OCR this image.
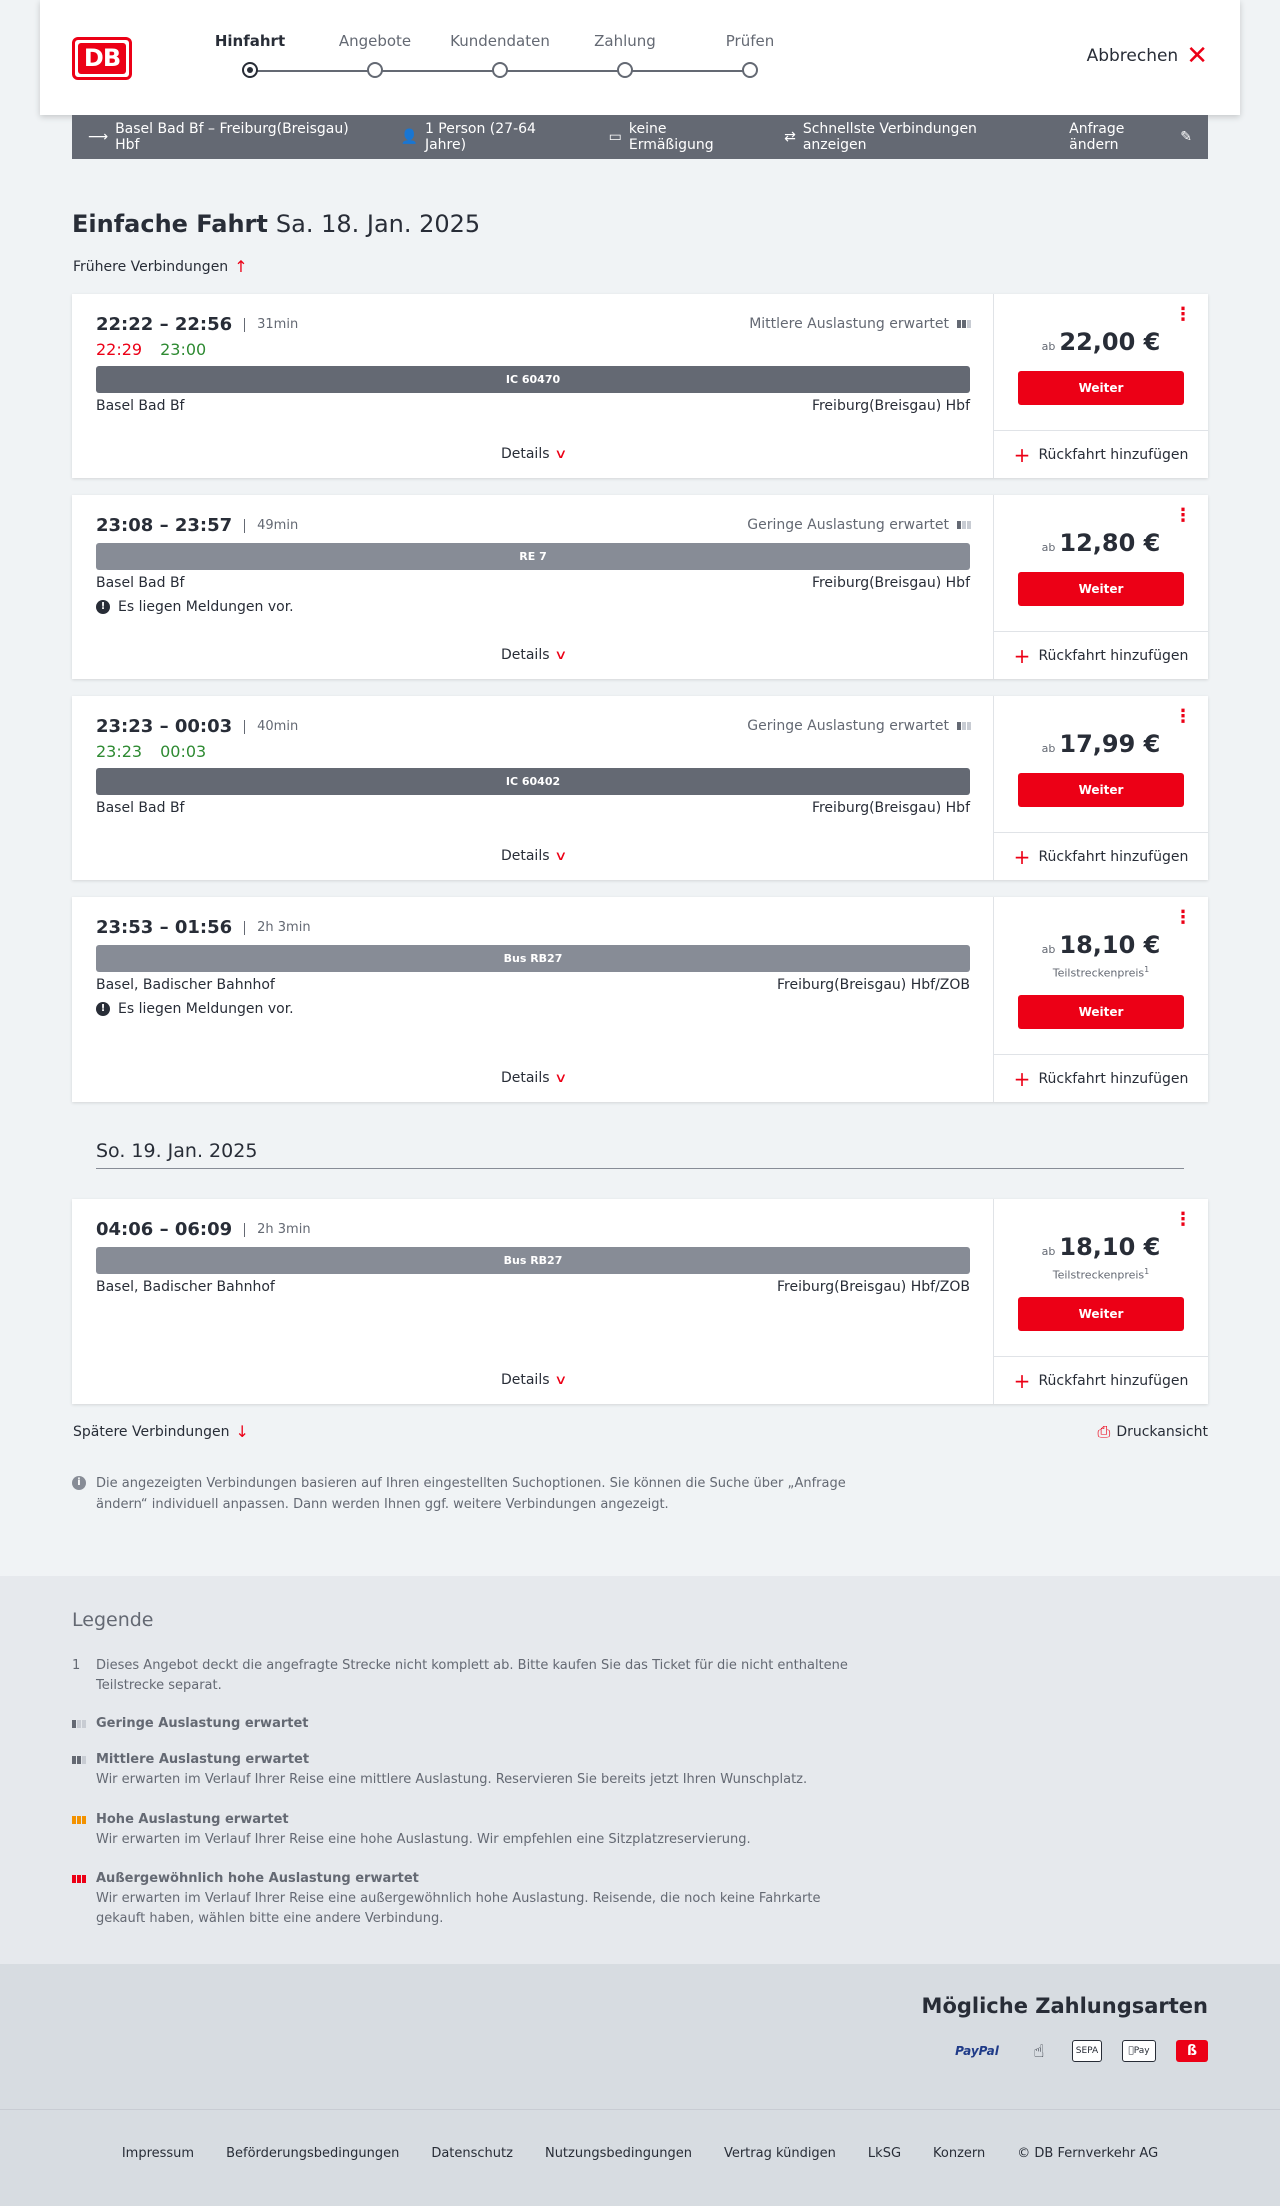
DB
Hinfahrt	Angebote	Kundendaten	Zahlung	Prüfen
Abbrechen ✕
⟶ Basel Bad Bf – Freiburg(Breisgau) Hbf	👤 1 Person (27-64 Jahre)	▭ keine Ermäßigung	⇄ Schnellste Verbindungen anzeigen
Anfrage ändern	✎
Einfache Fahrt Sa. 18. Jan. 2025
Frühere Verbindungen ↑
22:22 – 22:56	31min
22:29 23:00
Mittlere Auslastung erwartet
IC 60470
Basel Bad Bf	Freiburg(Breisgau) Hbf
Details ∨
⋮
ab 22,00 €
Weiter
+ Rückfahrt hinzufügen
23:08 – 23:57	49min	Geringe Auslastung erwartet
RE 7
Basel Bad Bf	Freiburg(Breisgau) Hbf
! Es liegen Meldungen vor.
Details ∨
⋮
ab 12,80 €
Weiter
+ Rückfahrt hinzufügen
23:23 – 00:03	40min
23:23 00:03
Geringe Auslastung erwartet
IC 60402
Basel Bad Bf	Freiburg(Breisgau) Hbf
Details ∨
⋮
ab 17,99 €
Weiter
+ Rückfahrt hinzufügen
23:53 – 01:56	2h 3min
Bus RB27
Basel, Badischer Bahnhof	Freiburg(Breisgau) Hbf/ZOB
! Es liegen Meldungen vor.
Details ∨
⋮
ab 18,10 €
Teilstreckenpreis$^1$
Weiter
+ Rückfahrt hinzufügen
So. 19. Jan. 2025
04:06 – 06:09	2h 3min
Bus RB27
Basel, Badischer Bahnhof	Freiburg(Breisgau) Hbf/ZOB
Details ∨
⋮
ab 18,10 €
Teilstreckenpreis$^1$
Weiter
+ Rückfahrt hinzufügen
Spätere Verbindungen ↓	⎙ Druckansicht
i	Die angezeigten Verbindungen basieren auf Ihren eingestellten Suchoptionen. Sie können die Suche über „Anfrage ändern“ individuell anpassen. Dann werden Ihnen ggf. weitere Verbindungen angezeigt.
Legende
1 Dieses Angebot deckt die angefragte Strecke nicht komplett ab. Bitte kaufen Sie das Ticket für die nicht enthaltene Teilstrecke separat.
Geringe Auslastung erwartet
Mittlere Auslastung erwartet
Wir erwarten im Verlauf Ihrer Reise eine mittlere Auslastung. Reservieren Sie bereits jetzt Ihren Wunschplatz.
Hohe Auslastung erwartet
Wir erwarten im Verlauf Ihrer Reise eine hohe Auslastung. Wir empfehlen eine Sitzplatzreservierung.
Außergewöhnlich hohe Auslastung erwartet
Wir erwarten im Verlauf Ihrer Reise eine außergewöhnlich hohe Auslastung. Reisende, die noch keine Fahrkarte gekauft haben, wählen bitte eine andere Verbindung.
Mögliche Zahlungsarten
PayPal	☝	SEPA	Pay	ß
Impressum Beförderungsbedingungen Datenschutz Nutzungsbedingungen Vertrag kündigen LkSG Konzern © DB Fernverkehr AG
